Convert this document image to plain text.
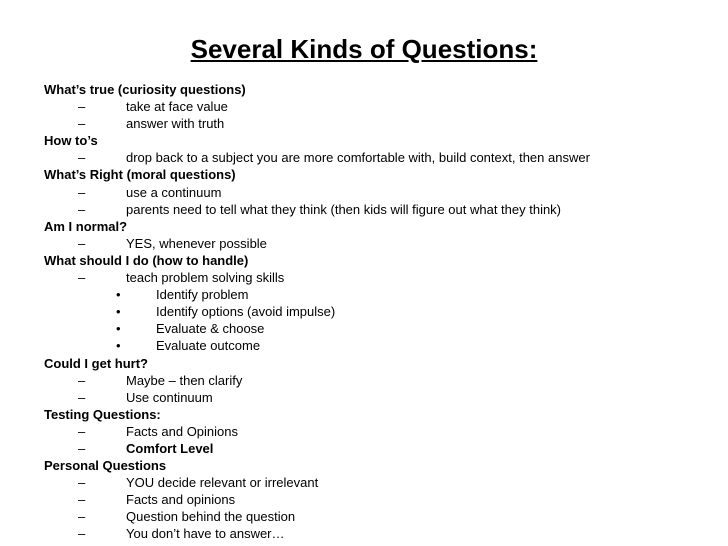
Several Kinds of Questions:
What’s true (curiosity questions)
–	take at face value
–	answer with truth
How to’s
–	drop back to a subject you are more comfortable with, build context, then answer
What’s Right (moral questions)
–	use a continuum
–	parents need to tell what they think (then kids will figure out what they think)
Am I normal?
–	YES, whenever possible
What should I do (how to handle)
–	teach problem solving skills
•	Identify problem
•	Identify options (avoid impulse)
•	Evaluate & choose
•	Evaluate outcome
Could I get hurt?
–	Maybe – then clarify
–	Use continuum
Testing Questions:
–	Facts and Opinions
–	Comfort Level
Personal Questions
–	YOU decide relevant or irrelevant
–	Facts and opinions
–	Question behind the question
–	You don’t have to answer…
